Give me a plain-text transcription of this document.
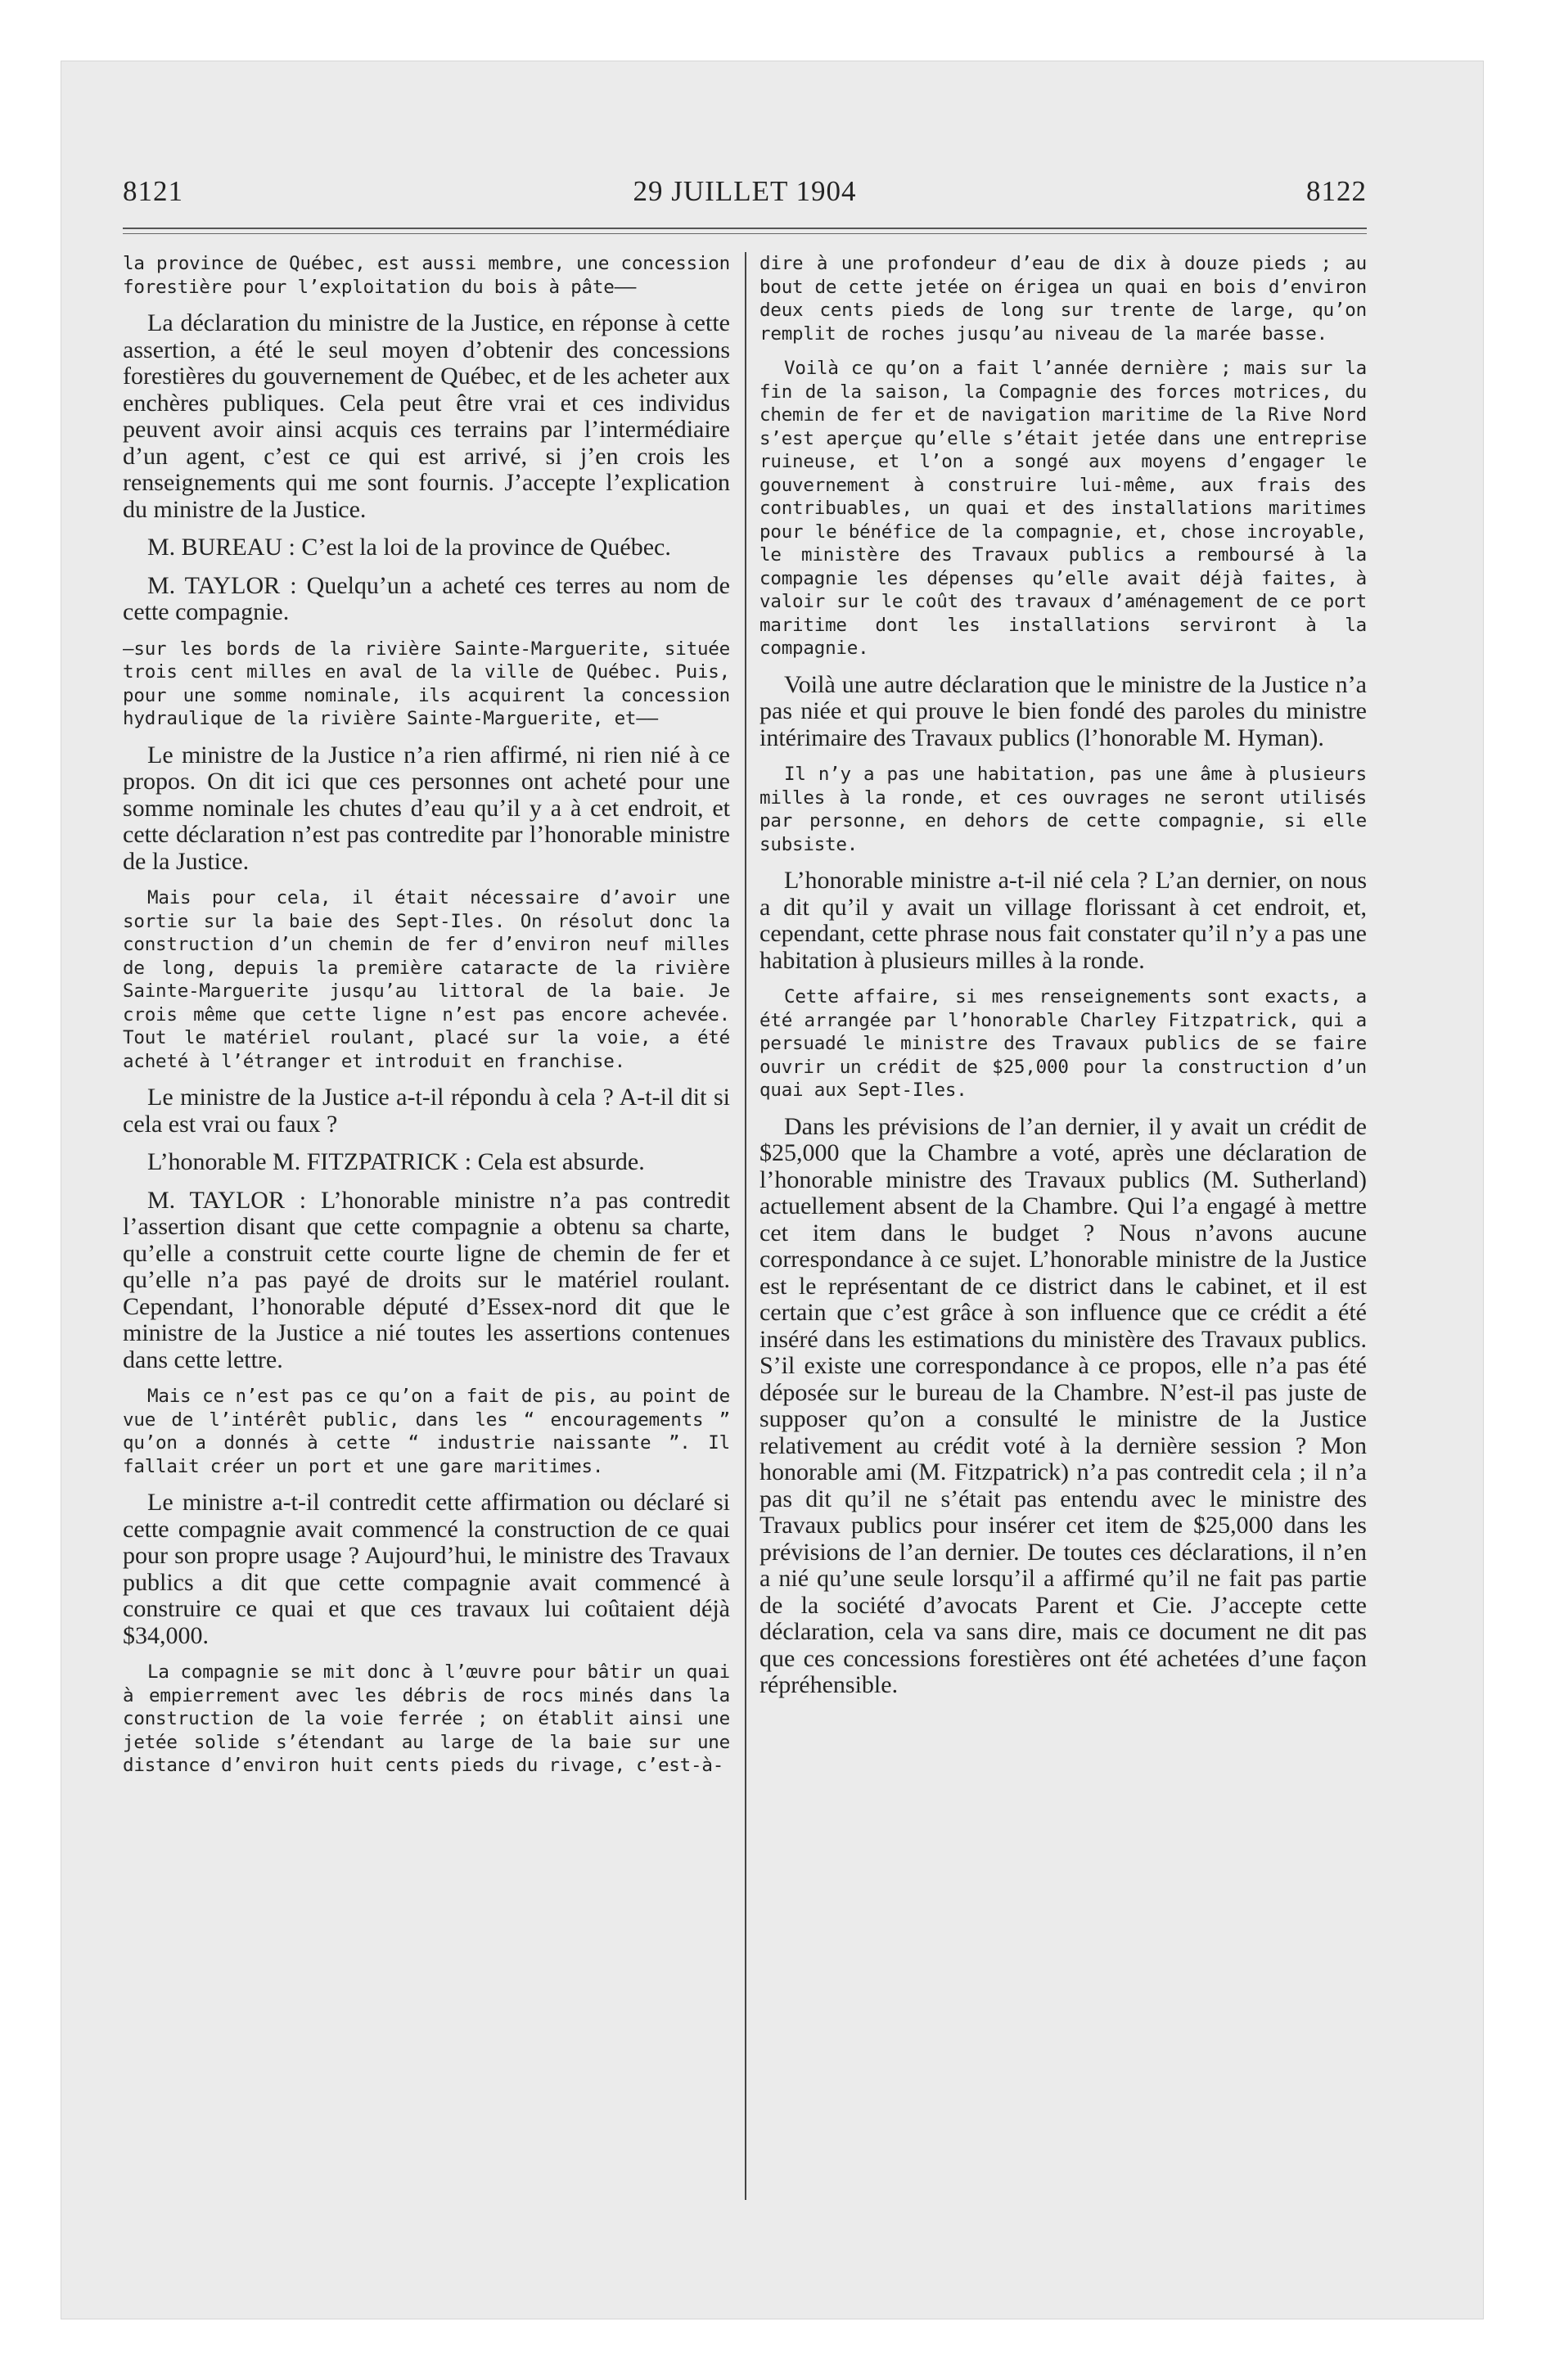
8121	29 JUILLET 1904	8122

la province de Québec, est aussi membre, une concession forestière pour l’exploitation du bois à pâte——

La déclaration du ministre de la Justice, en réponse à cette assertion, a été le seul moyen d’obtenir des concessions forestières du gouvernement de Québec, et de les acheter aux enchères publiques. Cela peut être vrai et ces individus peuvent avoir ainsi acquis ces terrains par l’intermédiaire d’un agent, c’est ce qui est arrivé, si j’en crois les renseignements qui me sont fournis. J’accepte l’explication du ministre de la Justice.

M. BUREAU : C’est la loi de la province de Québec.

M. TAYLOR : Quelqu’un a acheté ces terres au nom de cette compagnie.

—sur les bords de la rivière Sainte-Marguerite, située trois cent milles en aval de la ville de Québec. Puis, pour une somme nominale, ils acquirent la concession hydraulique de la rivière Sainte-Marguerite, et——

Le ministre de la Justice n’a rien affirmé, ni rien nié à ce propos. On dit ici que ces personnes ont acheté pour une somme nominale les chutes d’eau qu’il y a à cet endroit, et cette déclaration n’est pas contredite par l’honorable ministre de la Justice.

Mais pour cela, il était nécessaire d’avoir une sortie sur la baie des Sept-Iles. On résolut donc la construction d’un chemin de fer d’environ neuf milles de long, depuis la première cataracte de la rivière Sainte-Marguerite jusqu’au littoral de la baie. Je crois même que cette ligne n’est pas encore achevée. Tout le matériel roulant, placé sur la voie, a été acheté à l’étranger et introduit en franchise.

Le ministre de la Justice a-t-il répondu à cela ? A-t-il dit si cela est vrai ou faux ?

L’honorable M. FITZPATRICK : Cela est absurde.

M. TAYLOR : L’honorable ministre n’a pas contredit l’assertion disant que cette compagnie a obtenu sa charte, qu’elle a construit cette courte ligne de chemin de fer et qu’elle n’a pas payé de droits sur le matériel roulant. Cependant, l’honorable député d’Essex-nord dit que le ministre de la Justice a nié toutes les assertions contenues dans cette lettre.

Mais ce n’est pas ce qu’on a fait de pis, au point de vue de l’intérêt public, dans les “ encouragements ” qu’on a donnés à cette “ industrie naissante ”. Il fallait créer un port et une gare maritimes.

Le ministre a-t-il contredit cette affirmation ou déclaré si cette compagnie avait commencé la construction de ce quai pour son propre usage ? Aujourd’hui, le ministre des Travaux publics a dit que cette compagnie avait commencé à construire ce quai et que ces travaux lui coûtaient déjà $34,000.

La compagnie se mit donc à l’œuvre pour bâtir un quai à empierrement avec les débris de rocs minés dans la construction de la voie ferrée ; on établit ainsi une jetée solide s’étendant au large de la baie sur une distance d’environ huit cents pieds du rivage, c’est-à-

dire à une profondeur d’eau de dix à douze pieds ; au bout de cette jetée on érigea un quai en bois d’environ deux cents pieds de long sur trente de large, qu’on remplit de roches jusqu’au niveau de la marée basse.

Voilà ce qu’on a fait l’année dernière ; mais sur la fin de la saison, la Compagnie des forces motrices, du chemin de fer et de navigation maritime de la Rive Nord s’est aperçue qu’elle s’était jetée dans une entreprise ruineuse, et l’on a songé aux moyens d’engager le gouvernement à construire lui-même, aux frais des contribuables, un quai et des installations maritimes pour le bénéfice de la compagnie, et, chose incroyable, le ministère des Travaux publics a remboursé à la compagnie les dépenses qu’elle avait déjà faites, à valoir sur le coût des travaux d’aménagement de ce port maritime dont les installations serviront à la compagnie.

Voilà une autre déclaration que le ministre de la Justice n’a pas niée et qui prouve le bien fondé des paroles du ministre intérimaire des Travaux publics (l’honorable M. Hyman).

Il n’y a pas une habitation, pas une âme à plusieurs milles à la ronde, et ces ouvrages ne seront utilisés par personne, en dehors de cette compagnie, si elle subsiste.

L’honorable ministre a-t-il nié cela ? L’an dernier, on nous a dit qu’il y avait un village florissant à cet endroit, et, cependant, cette phrase nous fait constater qu’il n’y a pas une habitation à plusieurs milles à la ronde.

Cette affaire, si mes renseignements sont exacts, a été arrangée par l’honorable Charley Fitzpatrick, qui a persuadé le ministre des Travaux publics de se faire ouvrir un crédit de $25,000 pour la construction d’un quai aux Sept-Iles.

Dans les prévisions de l’an dernier, il y avait un crédit de $25,000 que la Chambre a voté, après une déclaration de l’honorable ministre des Travaux publics (M. Sutherland) actuellement absent de la Chambre. Qui l’a engagé à mettre cet item dans le budget ? Nous n’avons aucune correspondance à ce sujet. L’honorable ministre de la Justice est le représentant de ce district dans le cabinet, et il est certain que c’est grâce à son influence que ce crédit a été inséré dans les estimations du ministère des Travaux publics. S’il existe une correspondance à ce propos, elle n’a pas été déposée sur le bureau de la Chambre. N’est-il pas juste de supposer qu’on a consulté le ministre de la Justice relativement au crédit voté à la dernière session ? Mon honorable ami (M. Fitzpatrick) n’a pas contredit cela ; il n’a pas dit qu’il ne s’était pas entendu avec le ministre des Travaux publics pour insérer cet item de $25,000 dans les prévisions de l’an dernier. De toutes ces déclarations, il n’en a nié qu’une seule lorsqu’il a affirmé qu’il ne fait pas partie de la société d’avocats Parent et Cie. J’accepte cette déclaration, cela va sans dire, mais ce document ne dit pas que ces concessions forestières ont été achetées d’une façon répréhensible.
